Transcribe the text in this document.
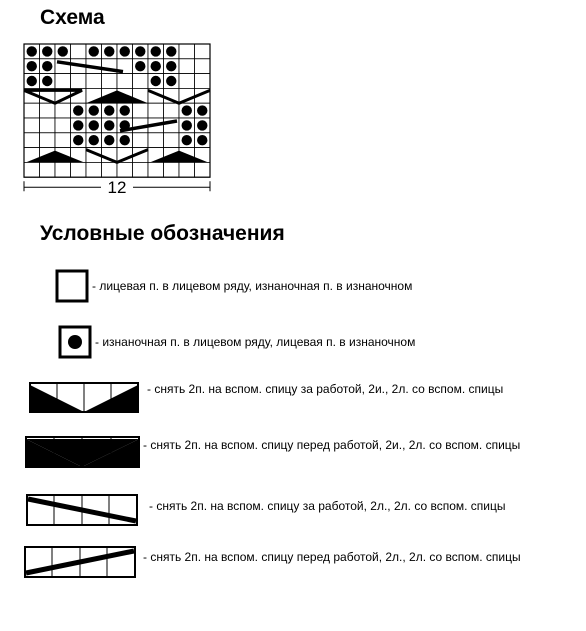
Схема
12
Условные обозначения
- лицевая п. в лицевом ряду, изнаночная п. в изнаночном
- изнаночная п. в лицевом ряду, лицевая п. в изнаночном
- снять 2п. на вспом. спицу за работой, 2и., 2л. со вспом. спицы
- снять 2п. на вспом. спицу перед работой, 2и., 2л. со вспом. спицы
- снять 2п. на вспом. спицу за работой, 2л., 2л. со вспом. спицы
- снять 2п. на вспом. спицу перед работой, 2л., 2л. со вспом. спицы
